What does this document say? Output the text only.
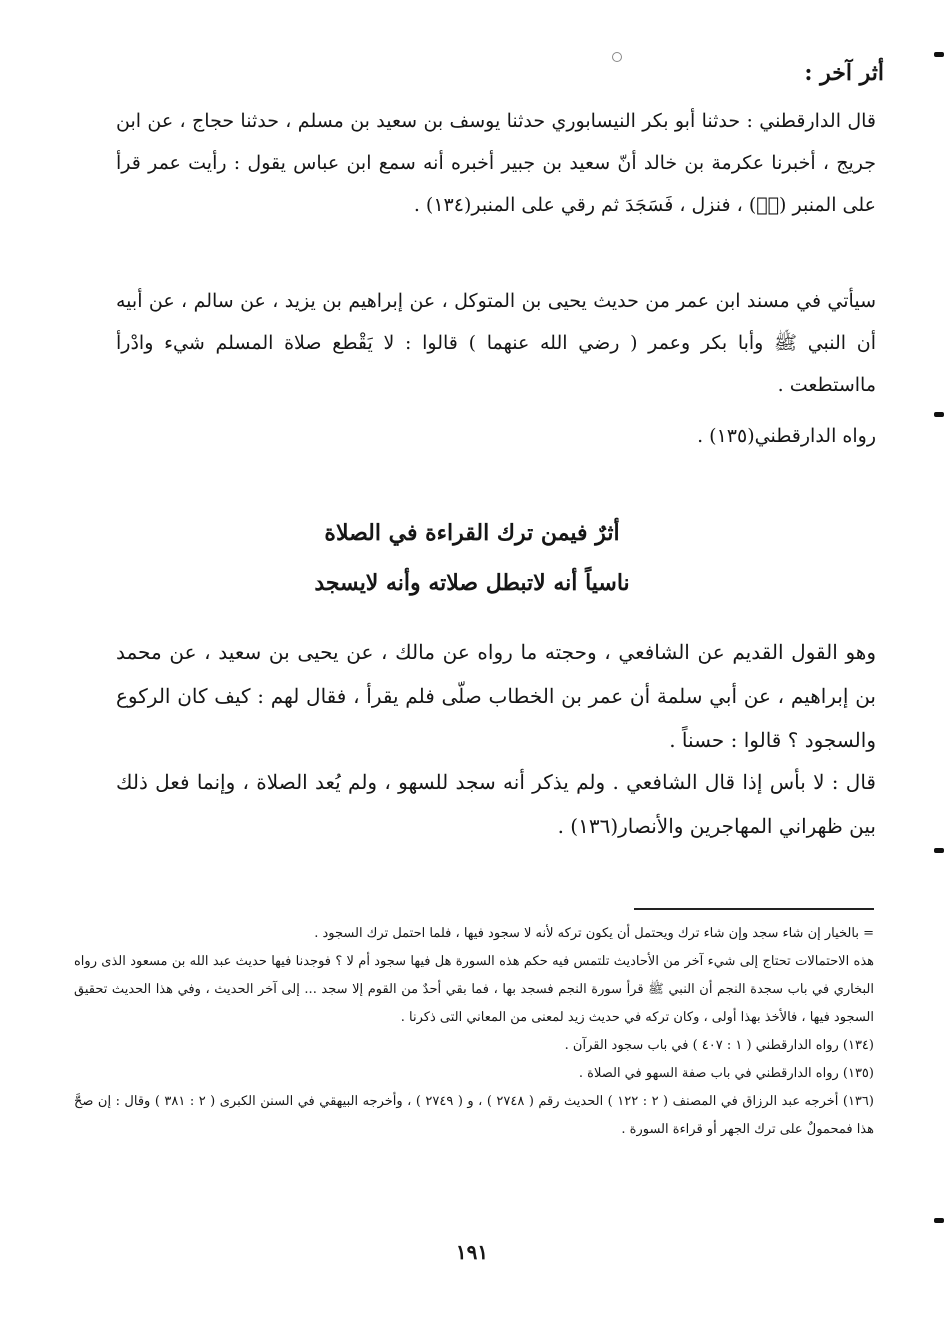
أثر آخر :
قال الدارقطني : حدثنا أبو بكر النيسابوري حدثنا يوسف بن سعيد بن مسلم ، حدثنا حجاج ، عن ابن جريج ، أخبرنا عكرمة بن خالد أنّ سعيد بن جبير أخبره أنه سمع ابن عباس يقول : رأيت عمر قرأ على المنبر (صۤ) ، فنزل ، فَسَجَدَ ثم رقي على المنبر(١٣٤) .
سيأتي في مسند ابن عمر من حديث يحيى بن المتوكل ، عن إبراهيم بن يزيد ، عن سالم ، عن أبيه أن النبي ﷺ وأبا بكر وعمر ( رضي الله عنهما ) قالوا : لا يَقْطع صلاة المسلم شيء وادْرأ مااستطعت .
رواه الدارقطني(١٣٥) .
أثرٌ فيمن ترك القراءة في الصلاة
ناسياً أنه لاتبطل صلاته وأنه لايسجد
وهو القول القديم عن الشافعي ، وحجته ما رواه عن مالك ، عن يحيى بن سعيد ، عن محمد بن إبراهيم ، عن أبي سلمة أن عمر بن الخطاب صلّى فلم يقرأ ، فقال لهم : كيف كان الركوع والسجود ؟ قالوا : حسناً .
قال : لا بأس إذا قال الشافعي . ولم يذكر أنه سجد للسهو ، ولم يُعد الصلاة ، وإنما فعل ذلك بين ظهراني المهاجرين والأنصار(١٣٦) .

= بالخيار إن شاء سجد وإن شاء ترك ويحتمل أن يكون تركه لأنه لا سجود فيها ، فلما احتمل ترك السجود .

هذه الاحتمالات تحتاج إلى شيء آخر من الأحاديث تلتمس فيه حكم هذه السورة هل فيها سجود أم لا ؟ فوجدنا فيها حديث عبد الله بن مسعود الذى رواه البخاري في باب سجدة النجم أن النبي ﷺ قرأ سورة النجم فسجد بها ، فما بقي أحدٌ من القوم إلا سجد ... إلى آخر الحديث ، وفي هذا الحديث تحقيق السجود فيها ، فالأخذ بهذا أولى ، وكان تركه في حديث زيد لمعنى من المعاني التى ذكرنا .

(١٣٤) رواه الدارقطني ( ١ : ٤٠٧ ) في باب سجود القرآن .

(١٣٥) رواه الدارقطني في باب صفة السهو في الصلاة .

(١٣٦) أخرجه عبد الرزاق في المصنف ( ٢ : ١٢٢ ) الحديث رقم ( ٢٧٤٨ ) ، و ( ٢٧٤٩ ) ، وأخرجه البيهقي في السنن الكبرى ( ٢ : ٣٨١ ) وقال : إن صحَّ هذا فمحمولٌ على ترك الجهر أو قراءة السورة .

١٩١
